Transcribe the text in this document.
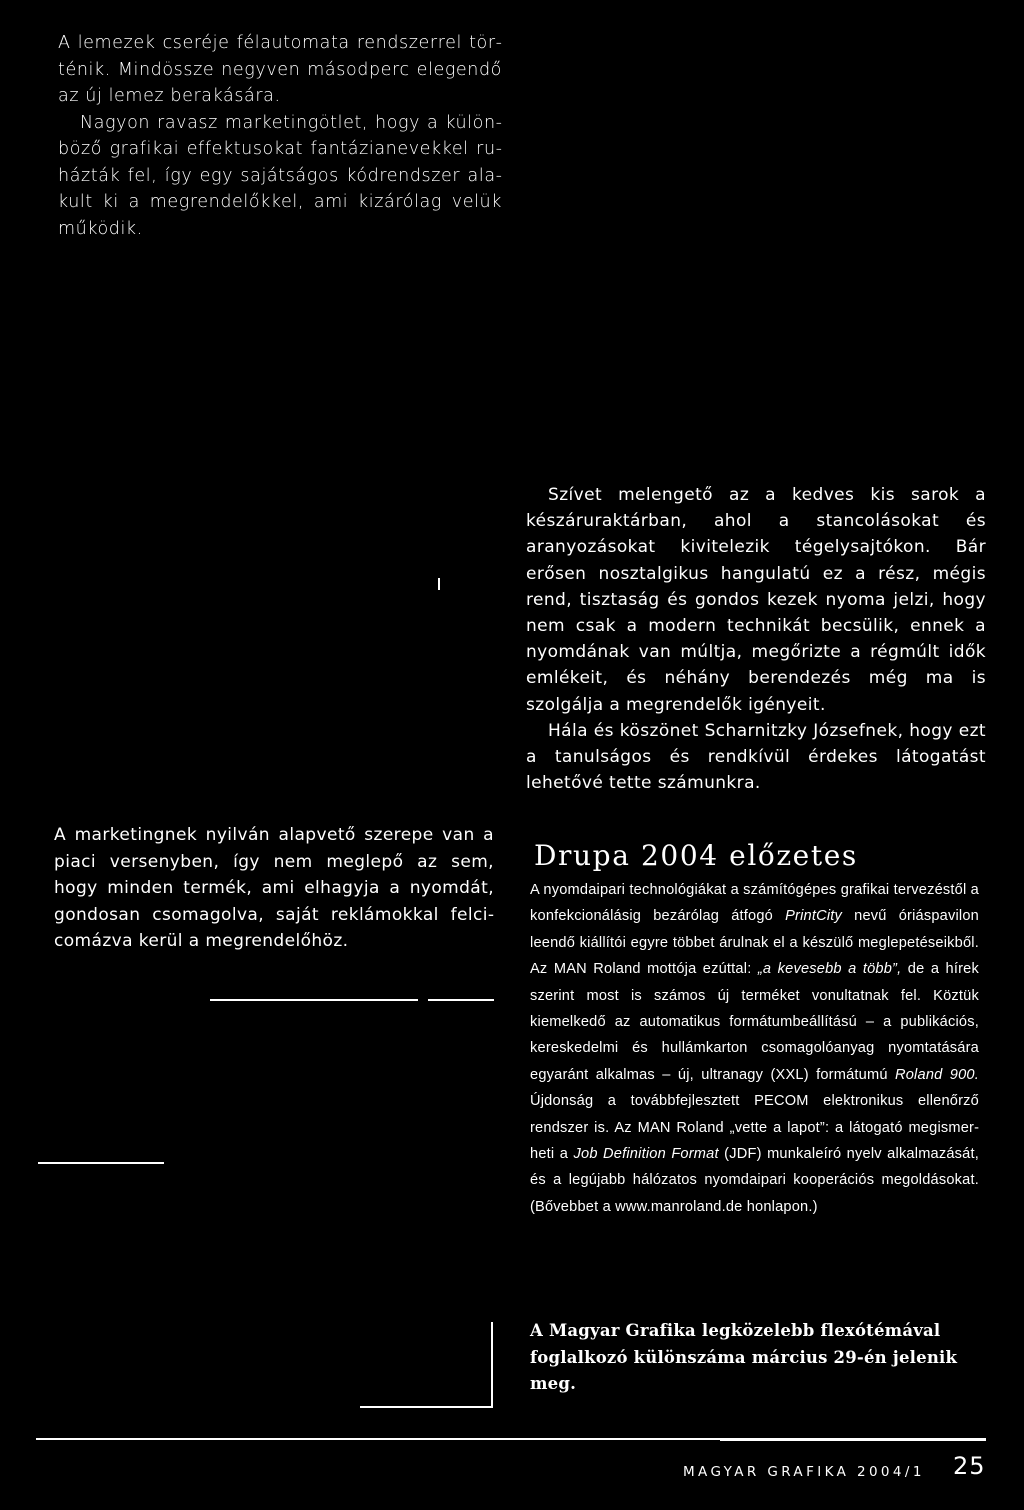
A lemezek cseréje félautomata rendszerrel történik. Mindössze negyven másodperc elegendő az új lemez berakására.

Nagyon ravasz marketingötlet, hogy a különböző grafikai effektusokat fantázianevekkel ruházták fel, így egy sajátságos kódrendszer alakult ki a megrendelőkkel, ami kizárólag velük működik.

Szívet melengető az a kedves kis sarok a készáruraktárban, ahol a stancolásokat és aranyozásokat kivitelezik tégelysajtókon. Bár erősen nosztalgikus hangulatú ez a rész, mégis rend, tisztaság és gondos kezek nyoma jelzi, hogy nem csak a modern technikát becsülik, ennek a nyomdának van múltja, megőrizte a régmúlt idők emlékeit, és néhány berendezés még ma is szolgálja a megrendelők igényeit.

Hála és köszönet Scharnitzky Józsefnek, hogy ezt a tanulságos és rendkívül érdekes látogatást lehetővé tette számunkra.

A marketingnek nyilván alapvető szerepe van a piaci versenyben, így nem meglepő az sem, hogy minden termék, ami elhagyja a nyomdát, gondosan csomagolva, saját reklámokkal felcicomázva kerül a megrendelőhöz.

Drupa 2004 előzetes

A nyomdaipari technológiákat a számítógépes grafikai tervezéstől a konfekcionálásig bezárólag átfogó PrintCity nevű óriáspavilon leendő kiállítói egyre többet árulnak el a készülő meglepetéseikből. Az MAN Roland mottója ezúttal: „a kevesebb a több”, de a hírek szerint most is számos új terméket vonultatnak fel. Köztük kiemelkedő az automatikus formátumbeállítású – a publikációs, kereskedelmi és hullámkarton csomagolóanyag nyomtatására egyaránt alkalmas – új, ultranagy (XXL) formátumú Roland 900. Újdonság a továbbfejlesztett PECOM elektronikus ellenőrző rendszer is. Az MAN Roland „vette a lapot”: a látogató megismerheti a Job Definition Format (JDF) munkaleíró nyelv alkalmazását, és a legújabb hálózatos nyomdaipari kooperációs megoldásokat. (Bővebbet a www.manroland.de honlapon.)

A Magyar Grafika legközelebb flexótémával foglalkozó különszáma március 29-én jelenik meg.

MAGYAR GRAFIKA 2004/1 25
